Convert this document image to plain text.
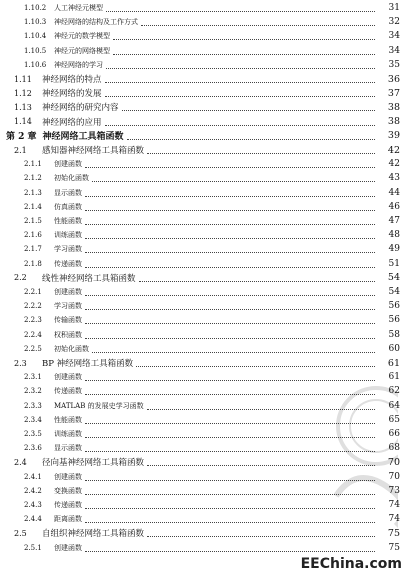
1.10.2	人工神经元模型	31
1.10.3	神经网络的结构及工作方式	32
1.10.4	神经元的数学模型	34
1.10.5	神经元的网络模型	34
1.10.6	神经网络的学习	35
1.11	神经网络的特点	36
1.12	神经网络的发展	37
1.13	神经网络的研究内容	38
1.14	神经网络的应用	38
第 2 章 神经网络工具箱函数	39
2.1	感知器神经网络工具箱函数	42
2.1.1	创建函数	42
2.1.2	初始化函数	43
2.1.3	显示函数	44
2.1.4	仿真函数	46
2.1.5	性能函数	47
2.1.6	训练函数	48
2.1.7	学习函数	49
2.1.8	传递函数	51
2.2	线性神经网络工具箱函数	54
2.2.1	创建函数	54
2.2.2	学习函数	56
2.2.3	传输函数	56
2.2.4	权积函数	58
2.2.5	初始化函数	60
2.3	BP 神经网络工具箱函数	61
2.3.1	创建函数	61
2.3.2	传递函数	62
2.3.3	MATLAB 的发展史学习函数	64
2.3.4	性能函数	65
2.3.5	训练函数	66
2.3.6	显示函数	68
2.4	径向基神经网络工具箱函数	70
2.4.1	创建函数	70
2.4.2	变换函数	73
2.4.3	传递函数	74
2.4.4	距离函数	74
2.5	自组织神经网络工具箱函数	75
2.5.1	创建函数	75
EEChina.com
